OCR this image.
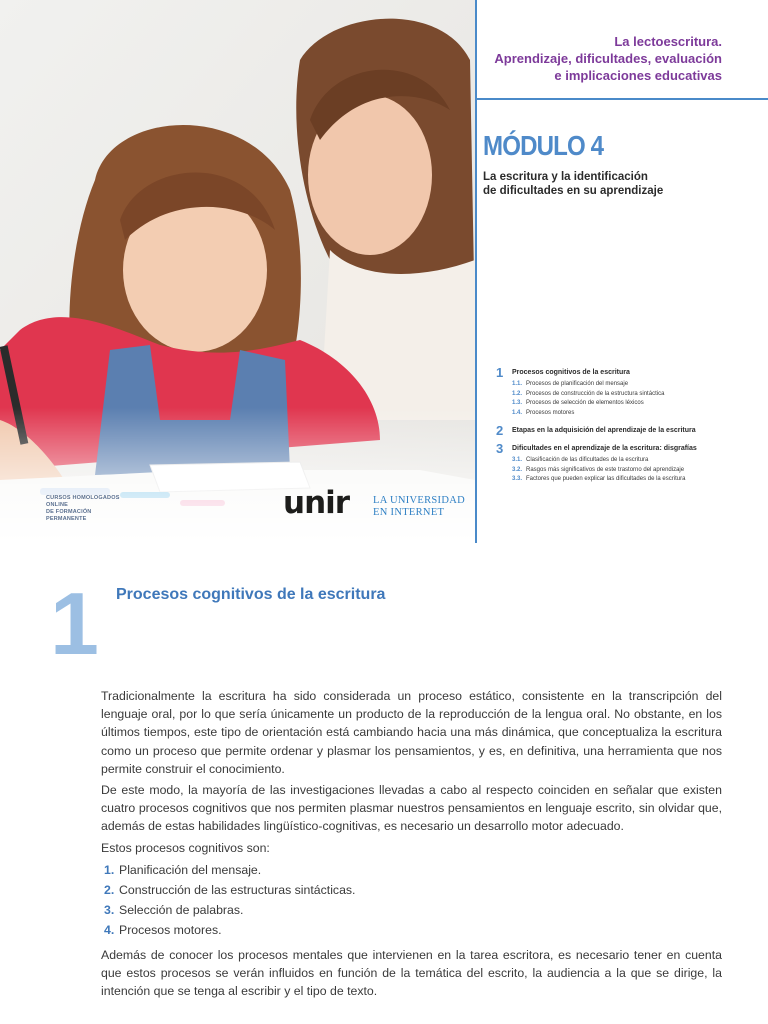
CURSOS HOMOLOGADOS
ONLINE
DE FORMACIÓN
PERMANENTE	unir LA UNIVERSIDAD
EN INTERNET
La lectoescritura.
Aprendizaje, dificultades, evaluación
e implicaciones educativas
MÓDULO 4
La escritura y la identificación
de dificultades en su aprendizaje
1 Procesos cognitivos de la escritura
1.1. Procesos de planificación del mensaje
1.2. Procesos de construcción de la estructura sintáctica
1.3. Procesos de selección de elementos léxicos
1.4. Procesos motores
2 Etapas en la adquisición del aprendizaje de la escritura
3 Dificultades en el aprendizaje de la escritura: disgrafías
3.1. Clasificación de las dificultades de la escritura
3.2. Rasgos más significativos de este trastorno del aprendizaje
3.3. Factores que pueden explicar las dificultades de la escritura
1 Procesos cognitivos de la escritura

Tradicionalmente la escritura ha sido considerada un proceso estático, consistente en la transcripción del lenguaje oral, por lo que sería únicamente un producto de la reproducción de la lengua oral. No obstante, en los últimos tiempos, este tipo de orientación está cambiando hacia una más dinámica, que conceptualiza la escritura como un proceso que permite ordenar y plasmar los pensamientos, y es, en definitiva, una herramienta que nos permite construir el conocimiento.

De este modo, la mayoría de las investigaciones llevadas a cabo al respecto coinciden en señalar que existen cuatro procesos cognitivos que nos permiten plasmar nuestros pensamientos en lenguaje escrito, sin olvidar que, además de estas habilidades lingüístico-cognitivas, es necesario un desarrollo motor adecuado.

Estos procesos cognitivos son:

1. Planificación del mensaje.
2. Construcción de las estructuras sintácticas.
3. Selección de palabras.
4. Procesos motores.

Además de conocer los procesos mentales que intervienen en la tarea escritora, es necesario tener en cuenta que estos procesos se verán influidos en función de la temática del escrito, la audiencia a la que se dirige, la intención que se tenga al escribir y el tipo de texto.
